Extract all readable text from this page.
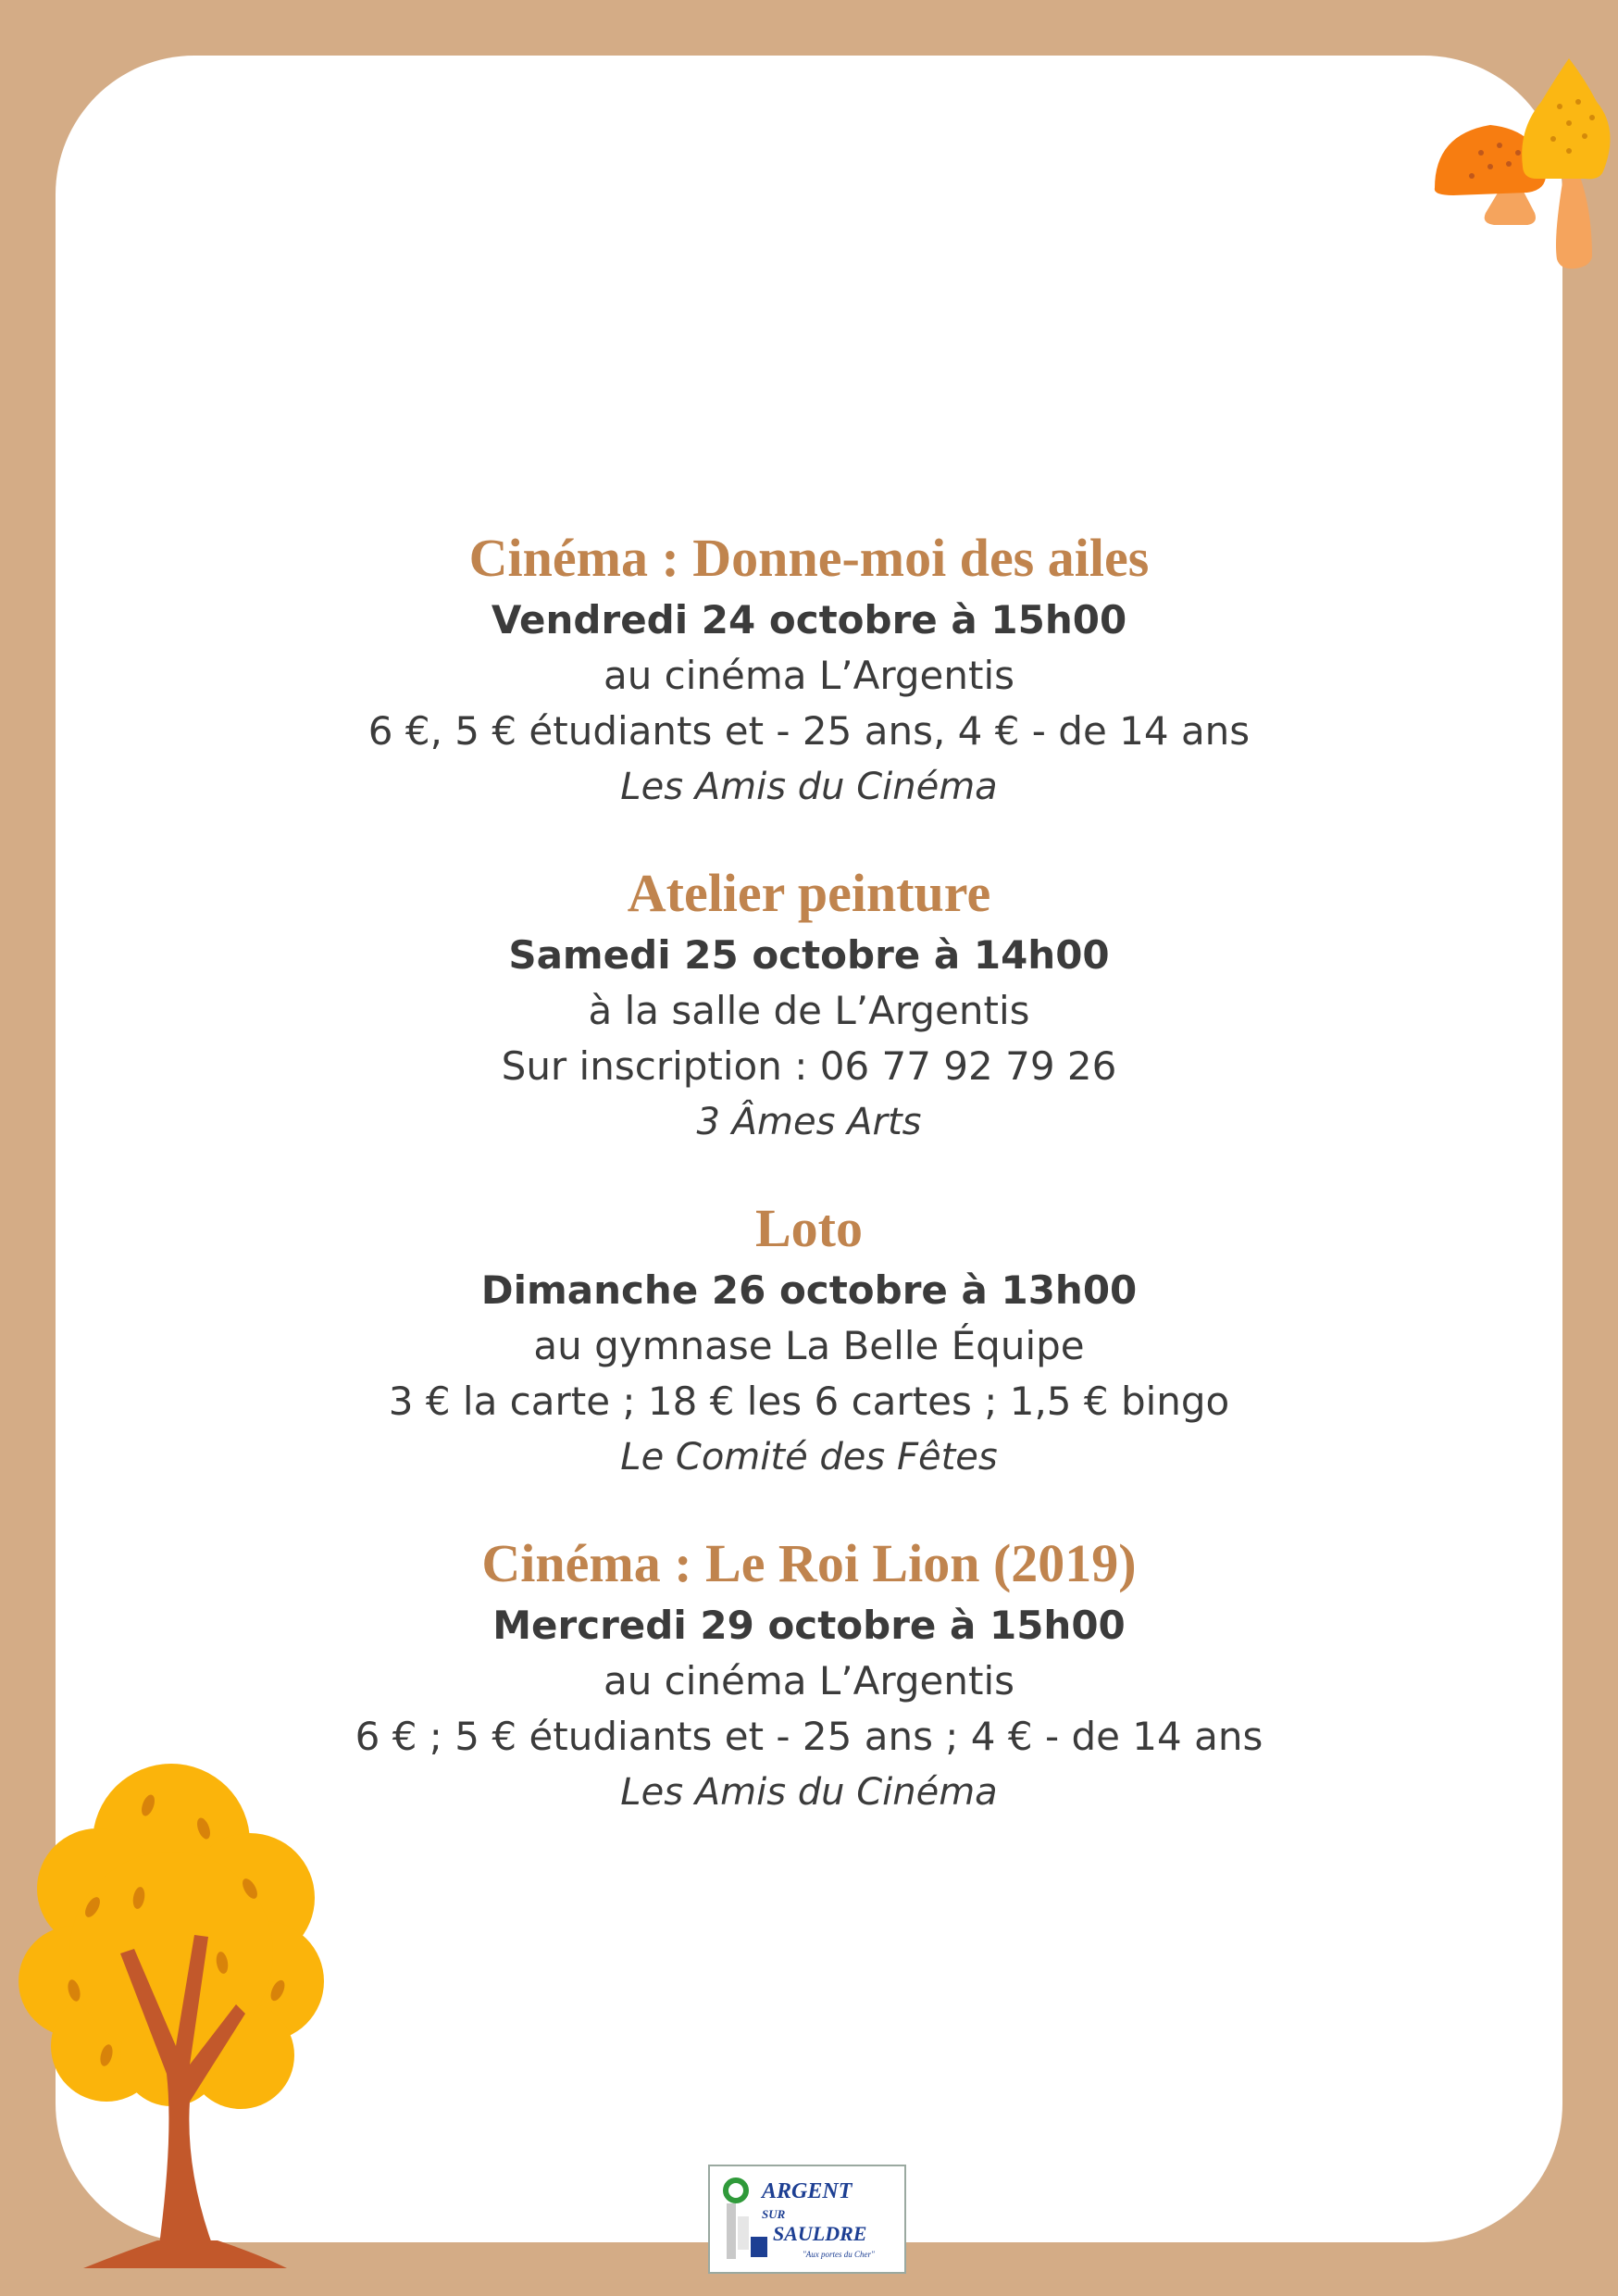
Cinéma : Donne-moi des ailes
Vendredi 24 octobre à 15h00
au cinéma L’Argentis
6 €, 5 € étudiants et - 25 ans, 4 € - de 14 ans
Les Amis du Cinéma
Atelier peinture
Samedi 25 octobre à 14h00
à la salle de L’Argentis
Sur inscription : 06 77 92 79 26
3 Âmes Arts
Loto
Dimanche 26 octobre à 13h00
au gymnase La Belle Équipe
3 € la carte ; 18 € les 6 cartes ; 1,5 € bingo
Le Comité des Fêtes
Cinéma : Le Roi Lion (2019)
Mercredi 29 octobre à 15h00
au cinéma L’Argentis
6 € ; 5 € étudiants et - 25 ans ; 4 € - de 14 ans
Les Amis du Cinéma
ARGENT
SUR
SAULDRE
"Aux portes du Cher"
